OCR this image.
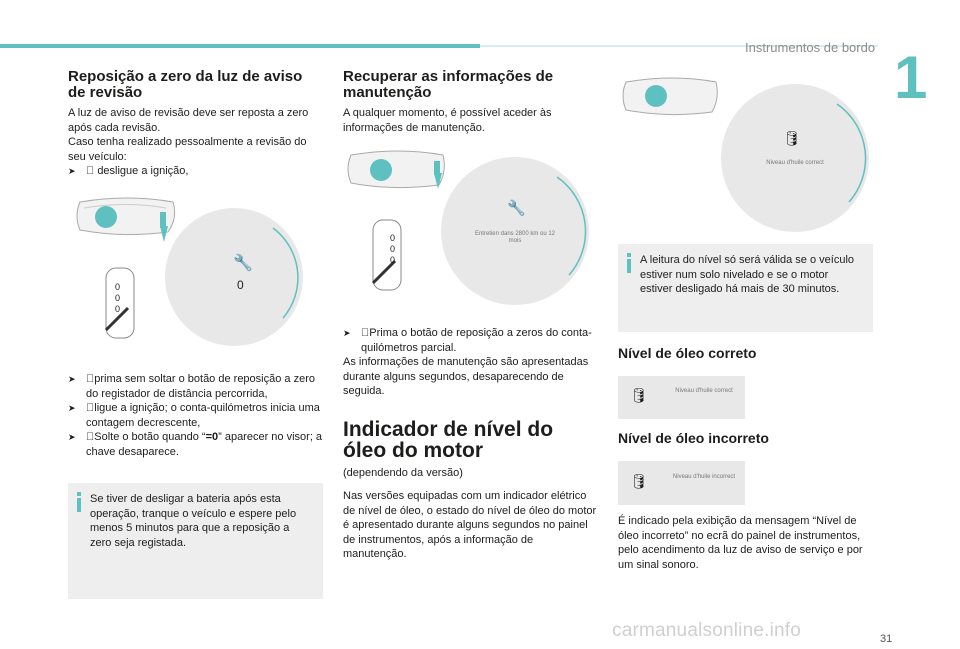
Instrumentos de bordo 1
Reposição a zero da luz de aviso de revisão

A luz de aviso de revisão deve ser reposta a zero após cada revisão.

Caso tenha realizado pessoalmente a revisão do seu veículo:

➤ desligue a ignição,
🔧
0
0
0
0
➤ prima sem soltar o botão de reposição a zero do registador de distância percorrida,
➤ ligue a ignição; o conta-quilómetros inicia uma contagem decrescente,
➤ Solte o botão quando “=0” aparecer no visor; a chave desaparece.

Se tiver de desligar a bateria após esta operação, tranque o veículo e espere pelo menos 5 minutos para que a reposição a zero seja registada.

Recuperar as informações de manutenção

A qualquer momento, é possível aceder às informações de manutenção.

🔧
Entretien dans 2800 km ou 12 mois
0
0
0
➤ Prima o botão de reposição a zeros do conta-quilómetros parcial.

As informações de manutenção são apresentadas durante alguns segundos, desaparecendo de seguida.

Indicador de nível do óleo do motor

(dependendo da versão)

Nas versões equipadas com um indicador elétrico de nível de óleo, o estado do nível de óleo do motor é apresentado durante alguns segundos no painel de instrumentos, após a informação de manutenção.

🛢
Niveau d'huile correct

A leitura do nível só será válida se o veículo estiver num solo nivelado e se o motor estiver desligado há mais de 30 minutos.

Nível de óleo correto
🛢	Niveau d'huile correct
Nível de óleo incorreto
🛢	Niveau d'huile incorrect

É indicado pela exibição da mensagem “Nível de óleo incorreto” no ecrã do painel de instrumentos, pelo acendimento da luz de aviso de serviço e por um sinal sonoro.

31
carmanualsonline.info
